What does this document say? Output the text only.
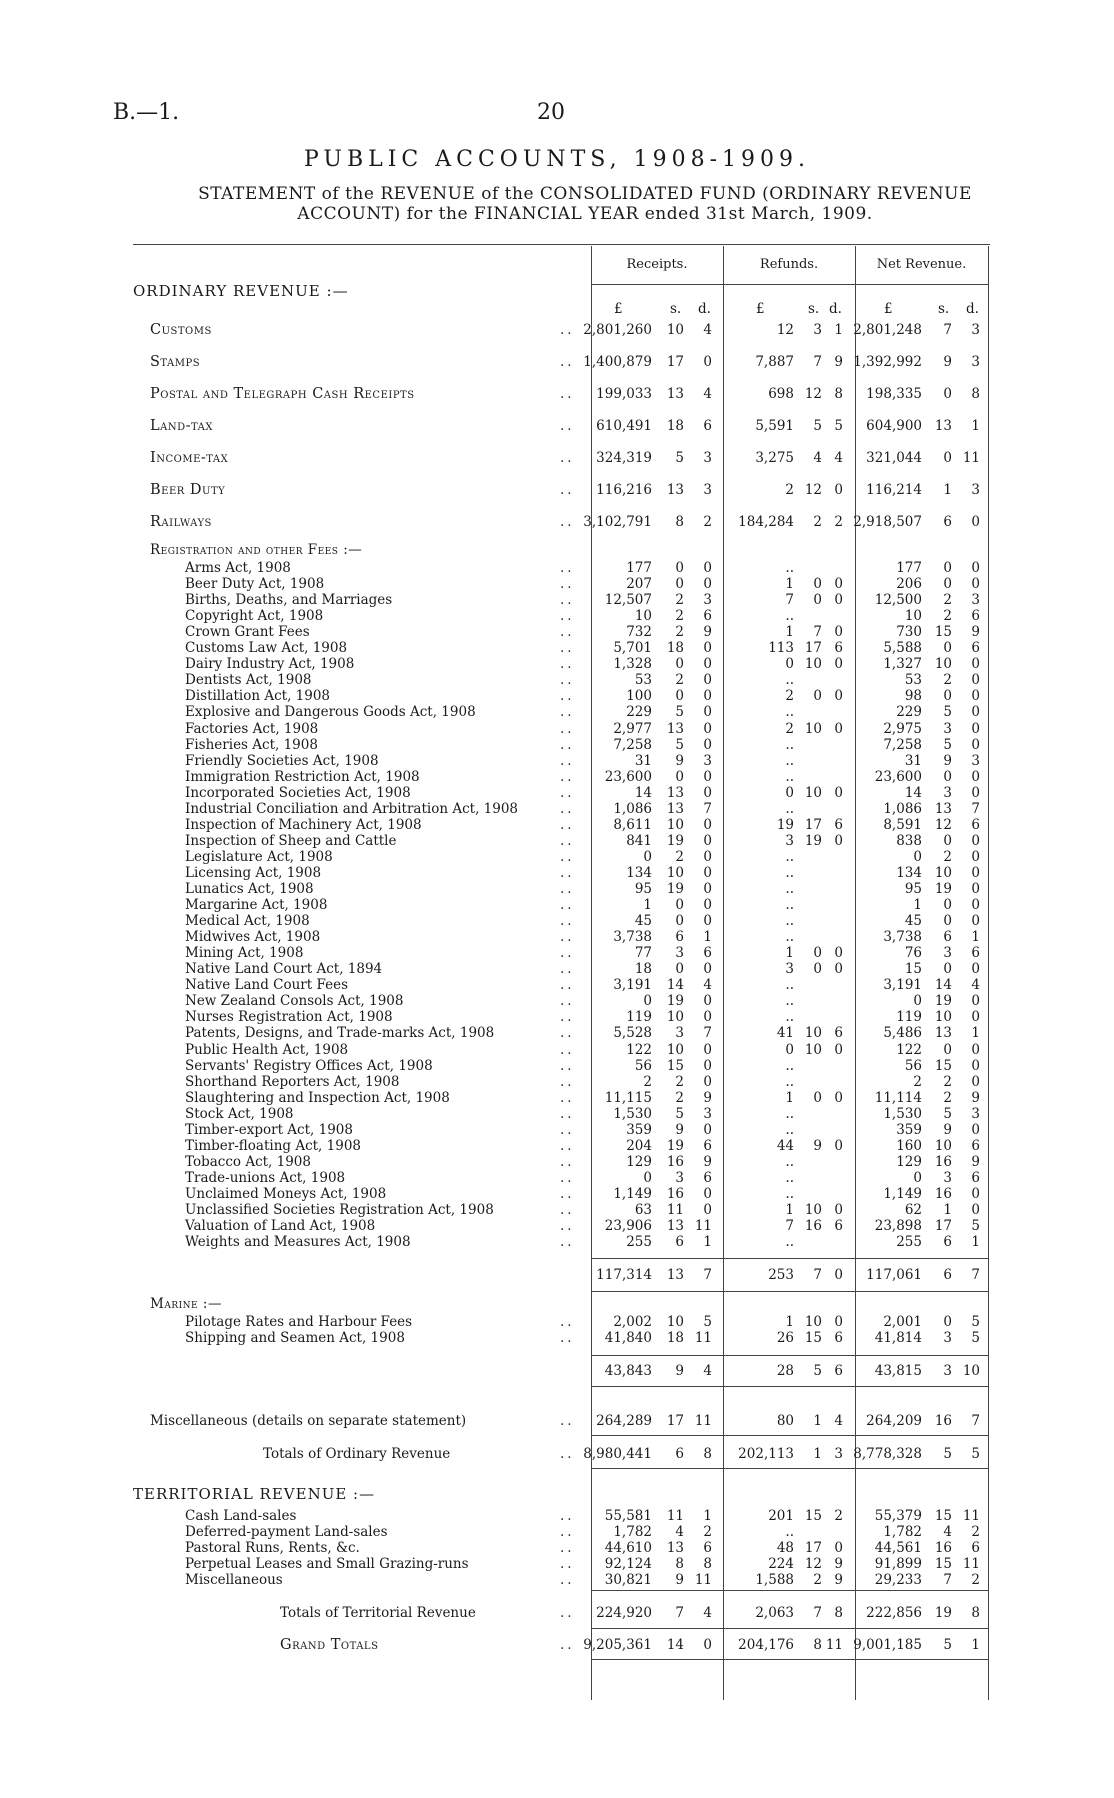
B.—1.	20
PUBLIC ACCOUNTS, 1908-1909.
STATEMENT of the REVENUE of the CONSOLIDATED FUND (ORDINARY REVENUE
ACCOUNT) for the FINANCIAL YEAR ended 31st March, 1909.
Receipts.	Refunds.	Net Revenue.
£	s. d.	£	s. d.	£	s. d.
ORDINARY REVENUE :—
Customs	.. 2,801,260 10 4	12 3 1 2,801,248 7 3
Stamps	.. 1,400,879 17 0	7,887 7 9 1,392,992 9 3
Postal and Telegraph Cash Receipts	.. 199,033 13 4	698 12 8 198,335 0 8
Land-tax	.. 610,491 18 6	5,591 5 5 604,900 13 1
Income-tax	.. 324,319 5 3	3,275 4 4 321,044 0 11
Beer Duty	.. 116,216 13 3	2 12 0 116,214 1 3
Railways	.. 3,102,791 8 2 184,284 2 2 2,918,507 6 0
Registration and other Fees :—
Arms Act, 1908	..	177 0 0	..	177 0 0
Beer Duty Act, 1908	..	207 0 0	1 0 0	206 0 0
Births, Deaths, and Marriages	.. 12,507 2 3	7 0 0 12,500 2 3
Copyright Act, 1908	..	10 2 6	..	10 2 6
Crown Grant Fees	..	732 2 9	1 7 0	730 15 9
Customs Law Act, 1908	..	5,701 18 0	113 17 6	5,588 0 6
Dairy Industry Act, 1908	..	1,328 0 0	0 10 0	1,327 10 0
Dentists Act, 1908	..	53 2 0	..	53 2 0
Distillation Act, 1908	..	100 0 0	2 0 0	98 0 0
Explosive and Dangerous Goods Act, 1908	..	229 5 0	..	229 5 0
Factories Act, 1908	..	2,977 13 0	2 10 0	2,975 3 0
Fisheries Act, 1908	..	7,258 5 0	..	7,258 5 0
Friendly Societies Act, 1908	..	31 9 3	..	31 9 3
Immigration Restriction Act, 1908	.. 23,600 0 0	..	23,600 0 0
Incorporated Societies Act, 1908	..	14 13 0	0 10 0	14 3 0
Industrial Conciliation and Arbitration Act, 1908	..	1,086 13 7	..	1,086 13 7
Inspection of Machinery Act, 1908	..	8,611 10 0	19 17 6	8,591 12 6
Inspection of Sheep and Cattle	..	841 19 0	3 19 0	838 0 0
Legislature Act, 1908	..	0 2 0	..	0 2 0
Licensing Act, 1908	..	134 10 0	..	134 10 0
Lunatics Act, 1908	..	95 19 0	..	95 19 0
Margarine Act, 1908	..	1 0 0	..	1 0 0
Medical Act, 1908	..	45 0 0	..	45 0 0
Midwives Act, 1908	..	3,738 6 1	..	3,738 6 1
Mining Act, 1908	..	77 3 6	1 0 0	76 3 6
Native Land Court Act, 1894	..	18 0 0	3 0 0	15 0 0
Native Land Court Fees	..	3,191 14 4	..	3,191 14 4
New Zealand Consols Act, 1908	..	0 19 0	..	0 19 0
Nurses Registration Act, 1908	..	119 10 0	..	119 10 0
Patents, Designs, and Trade-marks Act, 1908	..	5,528 3 7	41 10 6	5,486 13 1
Public Health Act, 1908	..	122 10 0	0 10 0	122 0 0
Servants' Registry Offices Act, 1908	..	56 15 0	..	56 15 0
Shorthand Reporters Act, 1908	..	2 2 0	..	2 2 0
Slaughtering and Inspection Act, 1908	.. 11,115 2 9	1 0 0 11,114 2 9
Stock Act, 1908	..	1,530 5 3	..	1,530 5 3
Timber-export Act, 1908	..	359 9 0	..	359 9 0
Timber-floating Act, 1908	..	204 19 6	44 9 0	160 10 6
Tobacco Act, 1908	..	129 16 9	..	129 16 9
Trade-unions Act, 1908	..	0 3 6	..	0 3 6
Unclaimed Moneys Act, 1908	..	1,149 16 0	..	1,149 16 0
Unclassified Societies Registration Act, 1908	..	63 11 0	1 10 0	62 1 0
Valuation of Land Act, 1908	.. 23,906 13 11	7 16 6 23,898 17 5
Weights and Measures Act, 1908	..	255 6 1	..	255 6 1
117,314 13 7	253 7 0 117,061 6 7
Marine :—
Pilotage Rates and Harbour Fees	..	2,002 10 5	1 10 0	2,001 0 5
Shipping and Seamen Act, 1908	.. 41,840 18 11	26 15 6 41,814 3 5
43,843 9 4	28 5 6 43,815 3 10
Miscellaneous (details on separate statement)	.. 264,289 17 11	80 1 4 264,209 16 7
Totals of Ordinary Revenue	.. 8,980,441 6 8 202,113 1 3 8,778,328 5 5
TERRITORIAL REVENUE :—
Cash Land-sales	.. 55,581 11 1	201 15 2 55,379 15 11
Deferred-payment Land-sales	..	1,782 4 2	..	1,782 4 2
Pastoral Runs, Rents, &c.	.. 44,610 13 6	48 17 0 44,561 16 6
Perpetual Leases and Small Grazing-runs	.. 92,124 8 8	224 12 9 91,899 15 11
Miscellaneous	.. 30,821 9 11	1,588 2 9 29,233 7 2
Totals of Territorial Revenue	.. 224,920 7 4	2,063 7 8 222,856 19 8
Grand Totals	.. 9,205,361 14 0 204,176 8 11 9,001,185 5 1
